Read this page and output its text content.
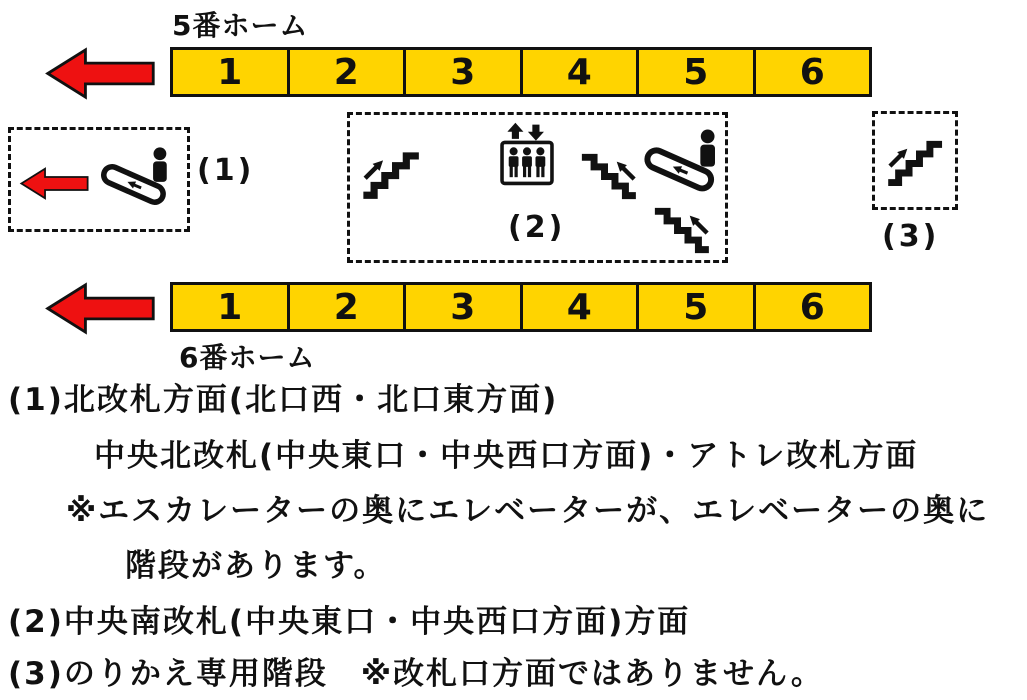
5番ホーム
1	2	3	4	5	6
(1)
(2)	(3)
1	2	3	4	5	6
6番ホーム
(1)北改札方面(北口西・北口東方面)
中央北改札(中央東口・中央西口方面)・アトレ改札方面
※エスカレーターの奥にエレベーターが、エレベーターの奥に
階段があります。
(2)中央南改札(中央東口・中央西口方面)方面
(3)のりかえ専用階段　※改札口方面ではありません。
